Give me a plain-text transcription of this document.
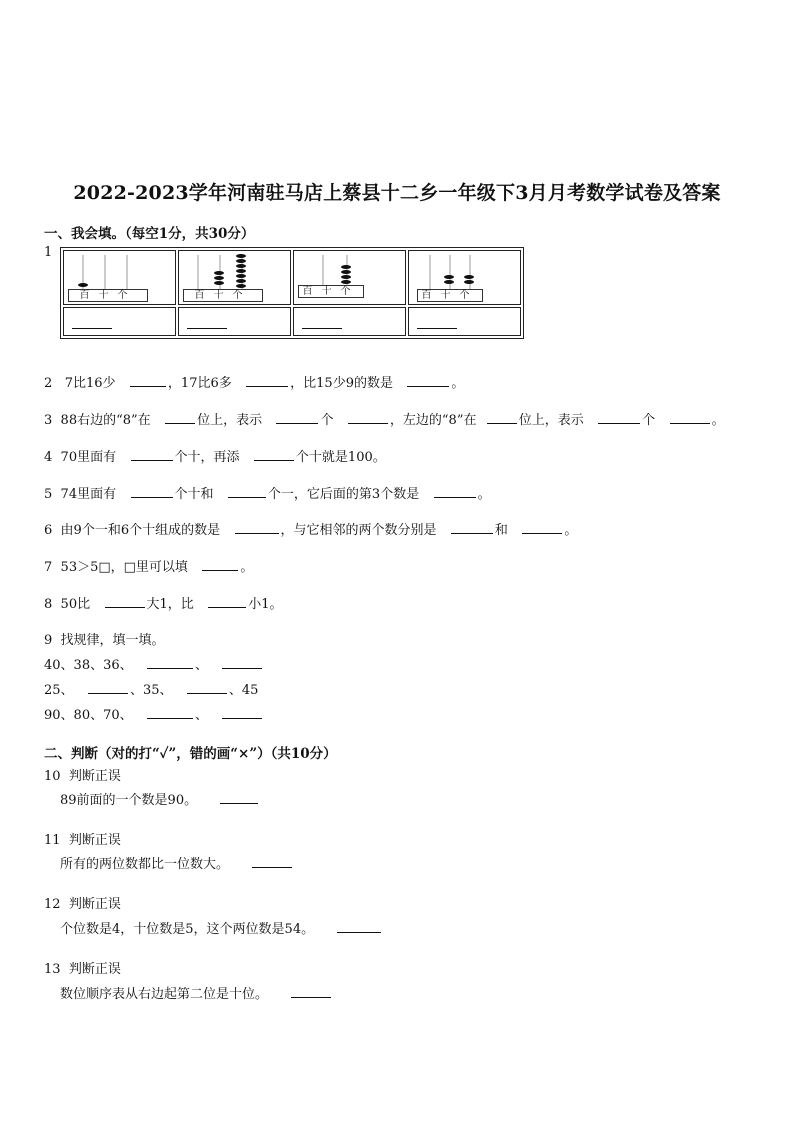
2022-2023学年河南驻马店上蔡县十二乡一年级下3月月考数学试卷及答案
一、我会填。（每空1分，共30分）
1
百十个	百十个	百十个	百十个
2 7比16少	，17比6多	，比15少9的数是	。
3 88右边的“8”在	位上，表示	个	，左边的“8”在	位上，表示	个	。
4 70里面有	个十，再添	个十就是100。
5 74里面有	个十和	个一，它后面的第3个数是	。
6 由9个一和6个十组成的数是	，与它相邻的两个数分别是	和	。
7 53＞5□，□里可以填	。
8 50比	大1，比	小1。
9 找规律，填一填。
40、38、36、	、
25、	、35、	、45
90、80、70、	、
二、判断（对的打“✓”，错的画“×”）（共10分）
10 判断正误
89前面的一个数是90。
11 判断正误
所有的两位数都比一位数大。
12 判断正误
个位数是4，十位数是5，这个两位数是54。
13 判断正误
数位顺序表从右边起第二位是十位。
